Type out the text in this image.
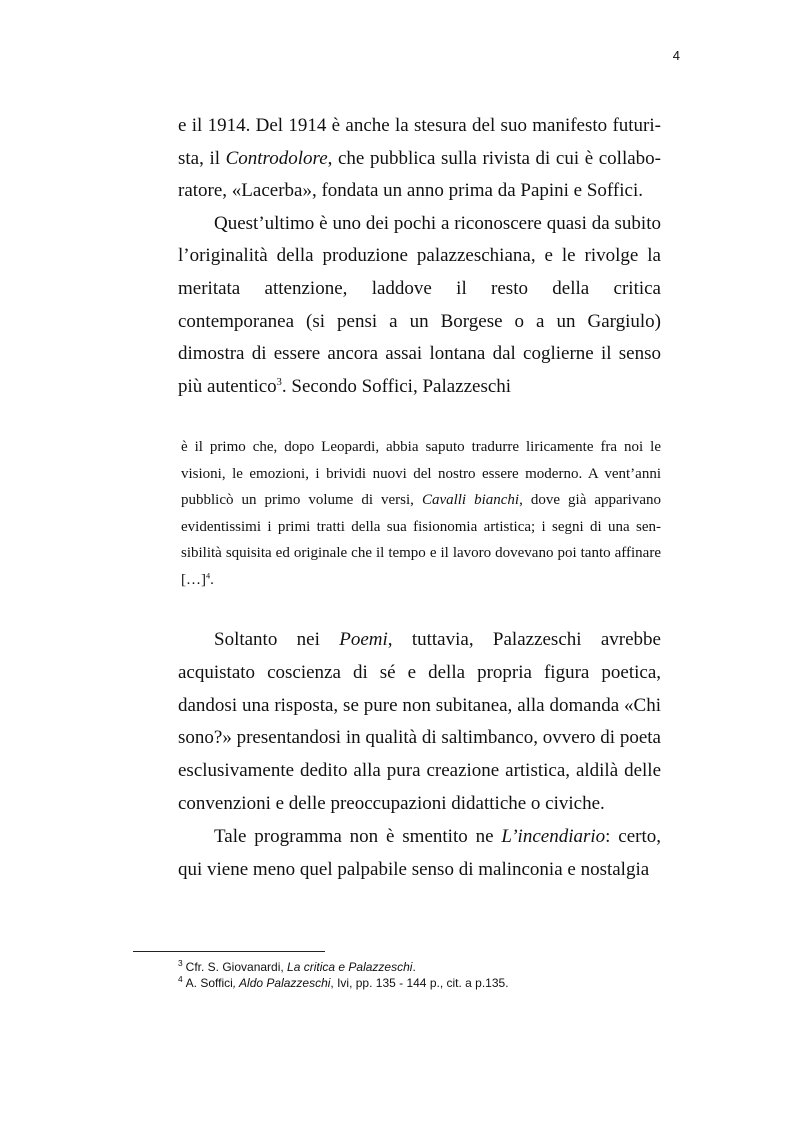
4

e il 1914. Del 1914 è anche la stesura del suo manifesto futurista, il Controdolore, che pubblica sulla rivista di cui è collaboratore, «Lacerba», fondata un anno prima da Papini e Soffici.

Quest’ultimo è uno dei pochi a riconoscere quasi da subito l’originalità della produzione palazzeschiana, e le rivolge la meritata attenzione, laddove il resto della critica contemporanea (si pensi a un Borgese o a un Gargiulo) dimostra di essere ancora assai lontana dal coglierne il senso più autentico$^3$. Secondo Soffici, Palazzeschi

è il primo che, dopo Leopardi, abbia saputo tradurre liricamente fra noi le visioni, le emozioni, i brividi nuovi del nostro essere moderno. A vent’anni pubblicò un primo volume di versi, Cavalli bianchi, dove già apparivano evidentissimi i primi tratti della sua fisionomia artistica; i segni di una sensibilità squisita ed originale che il tempo e il lavoro dovevano poi tanto affinare […]$^4$.

Soltanto nei Poemi, tuttavia, Palazzeschi avrebbe acquistato coscienza di sé e della propria figura poetica, dandosi una risposta, se pure non subitanea, alla domanda «Chi sono?» presentandosi in qualità di saltimbanco, ovvero di poeta esclusivamente dedito alla pura creazione artistica, aldilà delle convenzioni e delle preoccupazioni didattiche o civiche.

Tale programma non è smentito ne L’incendiario: certo, qui viene meno quel palpabile senso di malinconia e nostalgia

$^3$ Cfr. S. Giovanardi, La critica e Palazzeschi.

$^4$ A. Soffici, Aldo Palazzeschi, Ivi, pp. 135 - 144 p., cit. a p.135.
